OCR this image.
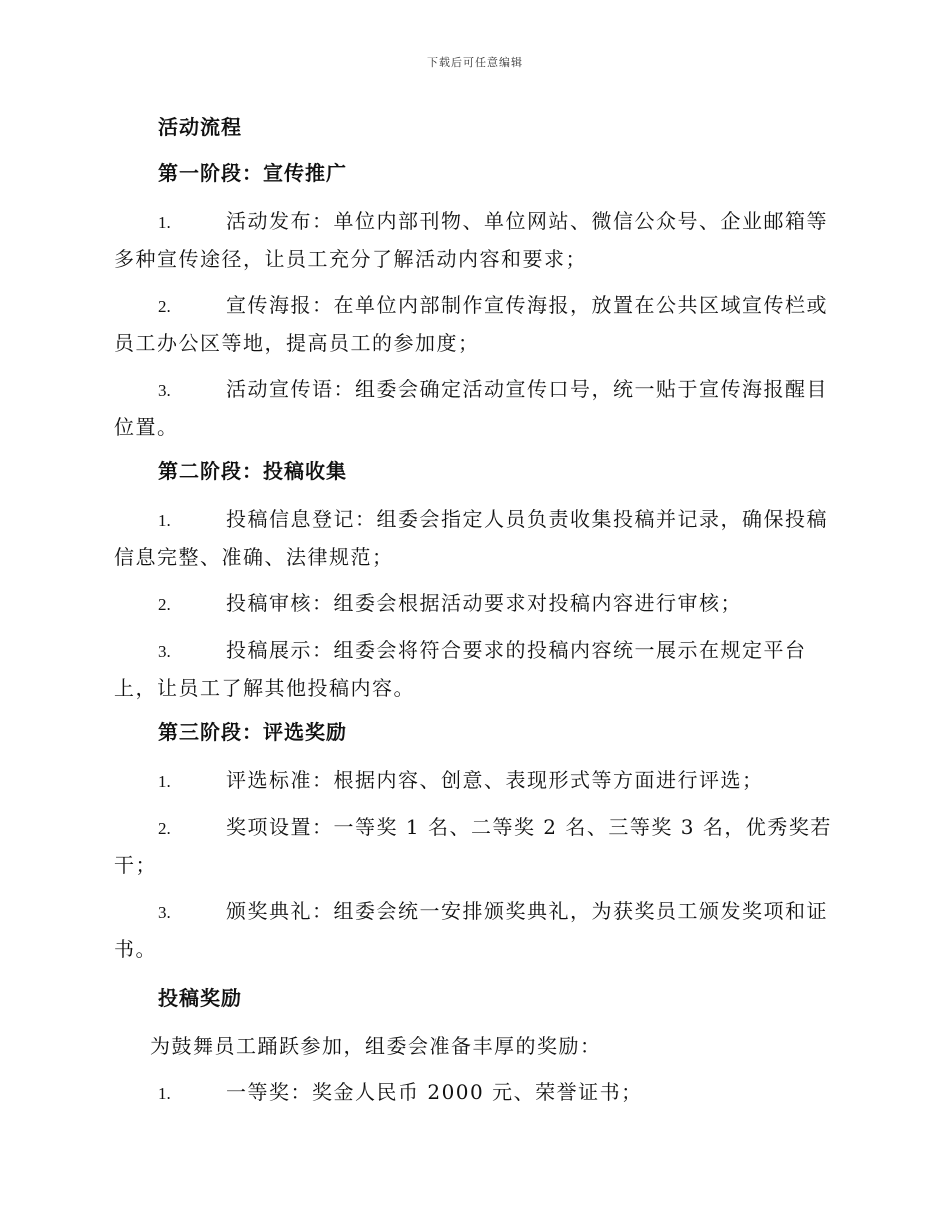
下载后可任意编辑
活动流程
第一阶段：宣传推广
1.	活动发布：单位内部刊物、单位网站、微信公众号、企业邮箱等多种宣传途径，让员工充分了解活动内容和要求；
2.	宣传海报：在单位内部制作宣传海报，放置在公共区域宣传栏或员工办公区等地，提高员工的参加度；
3.	活动宣传语：组委会确定活动宣传口号，统一贴于宣传海报醒目位置。
第二阶段：投稿收集
1.	投稿信息登记：组委会指定人员负责收集投稿并记录，确保投稿信息完整、准确、法律规范；
2.	投稿审核：组委会根据活动要求对投稿内容进行审核；
3.	投稿展示：组委会将符合要求的投稿内容统一展示在规定平台上，让员工了解其他投稿内容。
第三阶段：评选奖励
1.	评选标准：根据内容、创意、表现形式等方面进行评选；
2.	奖项设置：一等奖 1 名、二等奖 2 名、三等奖 3 名，优秀奖若干；
3.	颁奖典礼：组委会统一安排颁奖典礼，为获奖员工颁发奖项和证书。
投稿奖励
为鼓舞员工踊跃参加，组委会准备丰厚的奖励：
1.	一等奖：奖金人民币 2000 元、荣誉证书；
